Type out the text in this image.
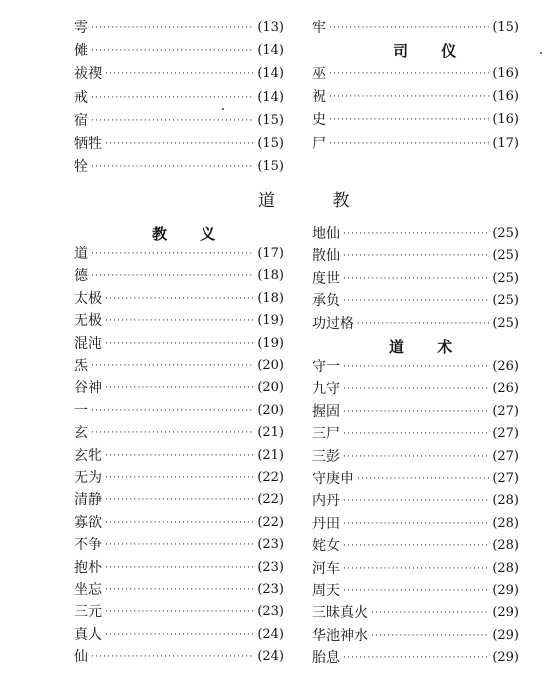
雩 ·····	(13)
傩 ·····	(14)
祓禊 ·····	(14)
戒 ·····	(14)
宿 ·····	(15)
牺牲 ·····	(15)
牷 ·····	(15)
道 ·····	(17)
德 ·····	(18)
太极 ·····	(18)
无极 ·····	(19)
混沌 ·····	(19)
炁 ·····	(20)
谷神 ·····	(20)
一 ·····	(20)
玄 ·····	(21)
玄牝 ·····	(21)
无为 ·····	(22)
清静 ·····	(22)
寡欲 ·····	(22)
不争 ·····	(23)
抱朴 ·····	(23)
坐忘 ·····	(23)
三元 ·····	(23)
真人 ·····	(24)
仙 ·····	(24)
牢 ·····	(15)
巫 ·····	(16)
祝 ·····	(16)
史 ·····	(16)
尸 ·····	(17)
地仙 ·····	(25)
散仙 ·····	(25)
度世 ·····	(25)
承负 ·····	(25)
功过格 ·····	(25)
守一 ·····	(26)
九守 ·····	(26)
握固 ·····	(27)
三尸 ·····	(27)
三彭 ·····	(27)
守庚申 ·····	(27)
内丹 ·····	(28)
丹田 ·····	(28)
姹女 ·····	(28)
河车 ·····	(28)
周天 ·····	(29)
三昧真火 ·····	(29)
华池神水 ·····	(29)
胎息 ·····	(29)
司 仪
道 教
教 义
道 术
